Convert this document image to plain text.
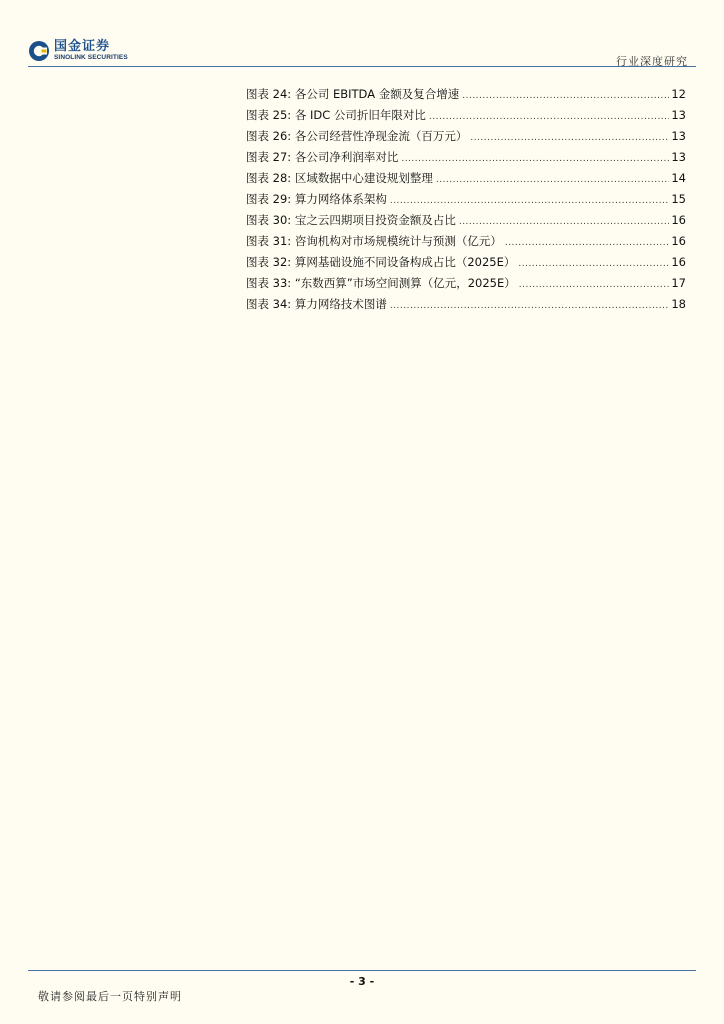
国金证券
SINOLINK SECURITIES	行业深度研究
图表 24: 各公司 EBITDA 金额及复合增速 .....	12
图表 25: 各 IDC 公司折旧年限对比 .....	13
图表 26: 各公司经营性净现金流（百万元） .....	13
图表 27: 各公司净利润率对比 .....	13
图表 28: 区域数据中心建设规划整理 .....	14
图表 29: 算力网络体系架构 .....	15
图表 30: 宝之云四期项目投资金额及占比 .....	16
图表 31: 咨询机构对市场规模统计与预测（亿元） .....	16
图表 32: 算网基础设施不同设备构成占比（2025E） .....	16
图表 33: “东数西算”市场空间测算（亿元，2025E） .....	17
图表 34: 算力网络技术图谱 .....	18
- 3 -
敬请参阅最后一页特别声明
